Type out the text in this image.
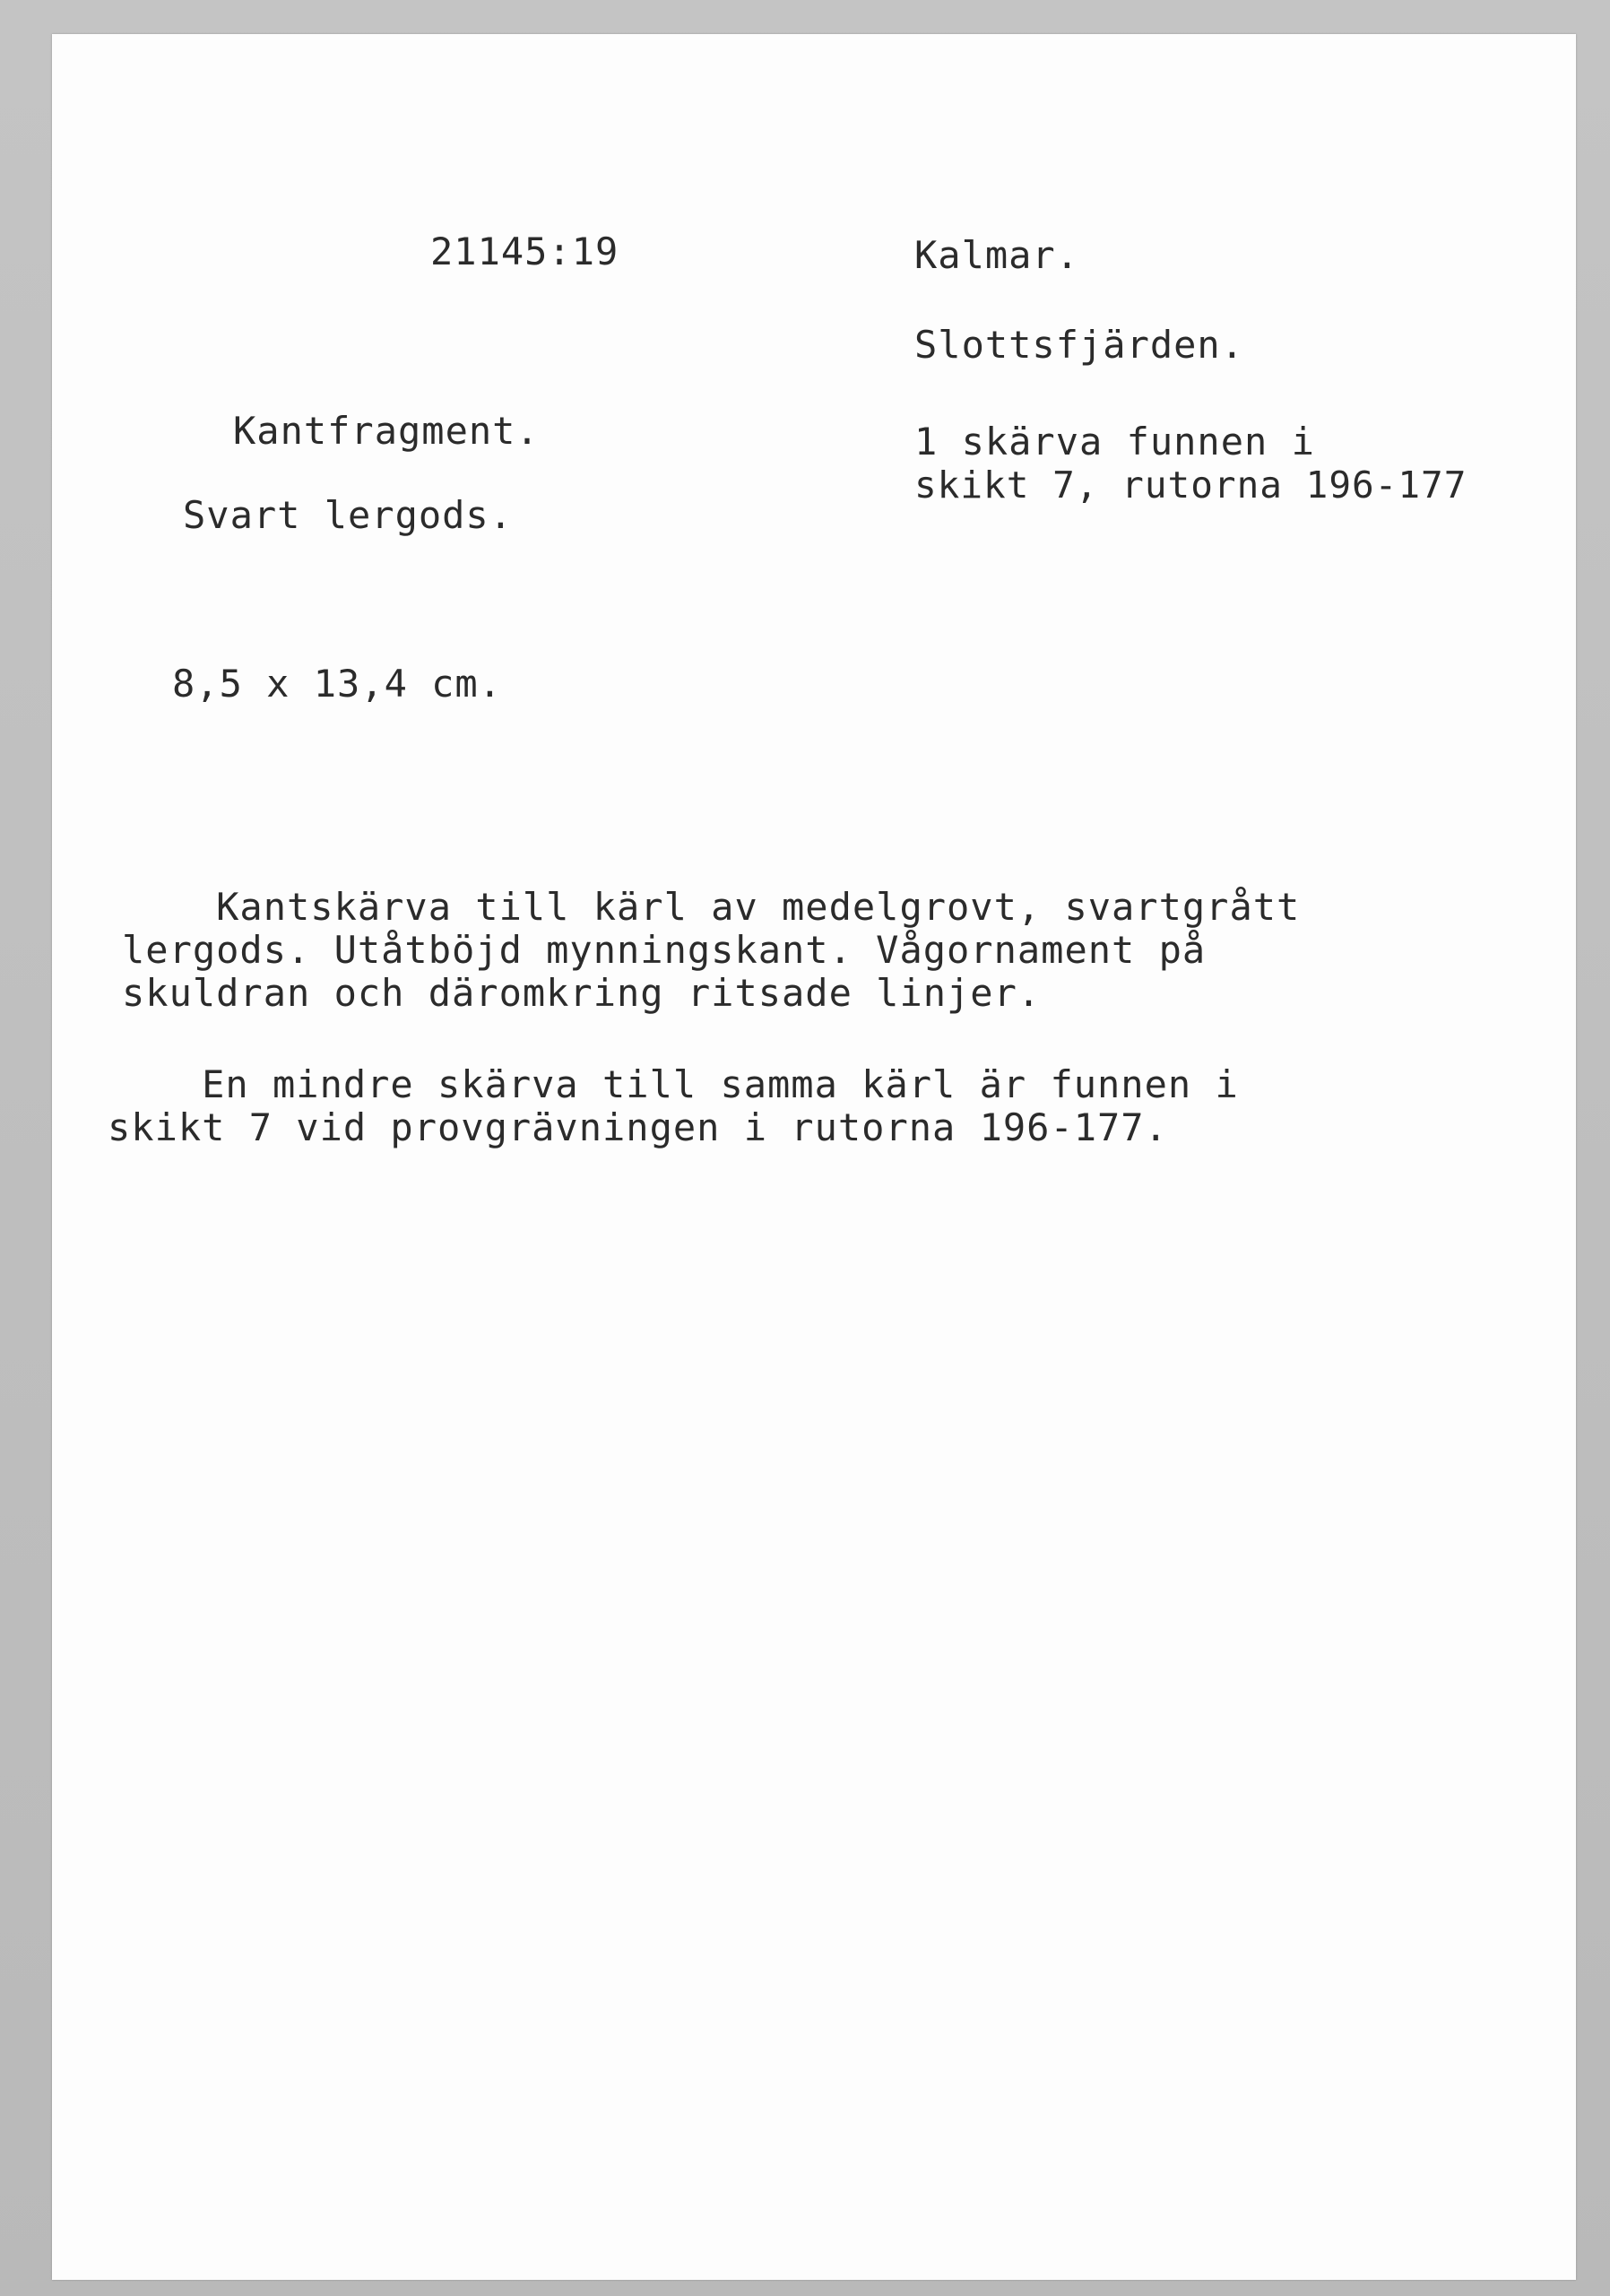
21145:19	Kalmar.
Slottsfjärden.
Kantfragment.	1 skärva funnen i
skikt 7, rutorna 196-177
Svart lergods.
8,5 x 13,4 cm.
Kantskärva till kärl av medelgrovt, svartgrått
lergods. Utåtböjd mynningskant. Vågornament på
skuldran och däromkring ritsade linjer.
En mindre skärva till samma kärl är funnen i
skikt 7 vid provgrävningen i rutorna 196-177.
